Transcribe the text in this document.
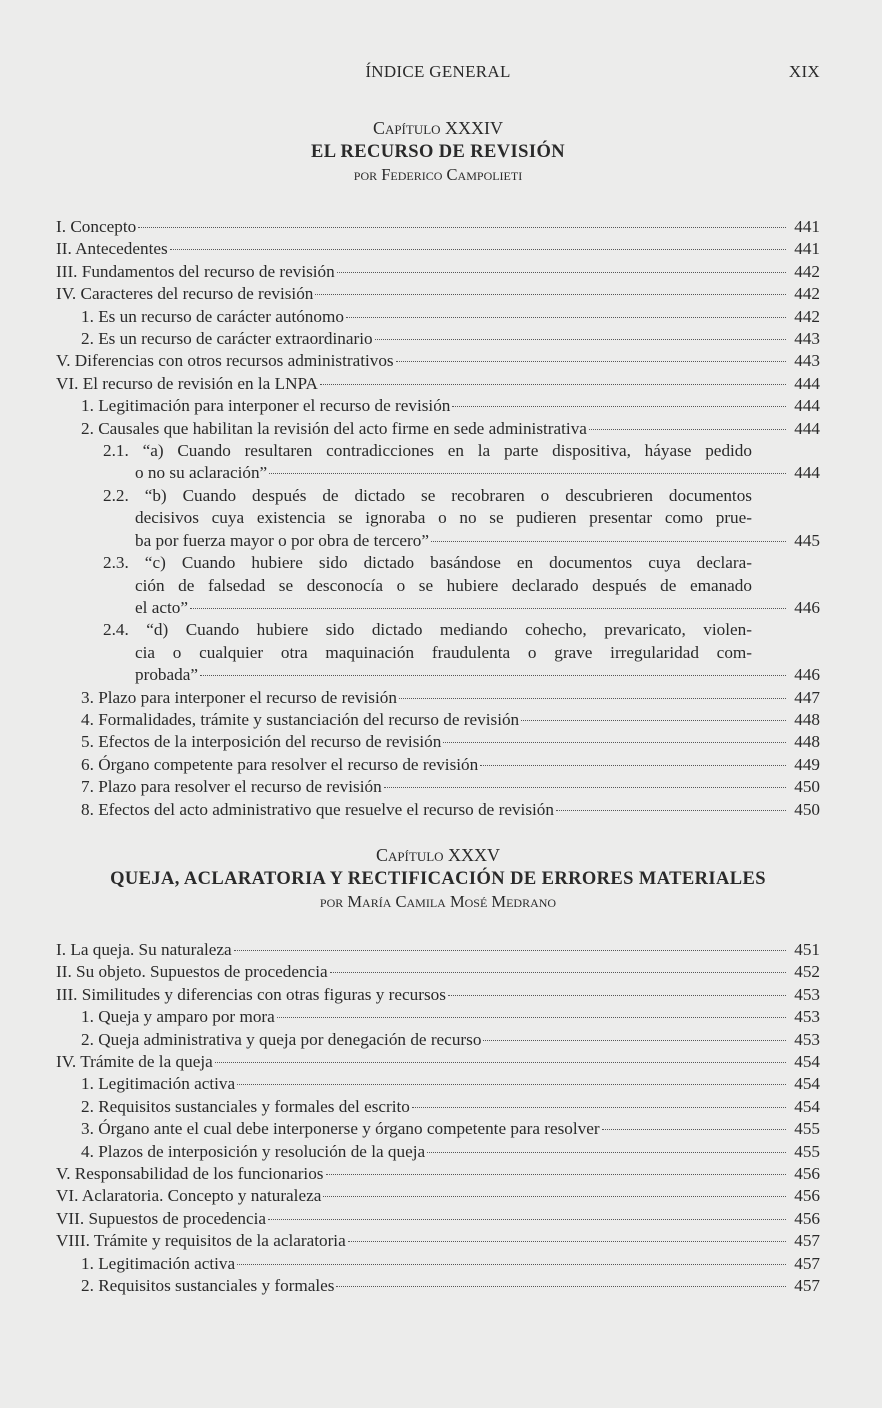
ÍNDICE GENERAL	XIX
Capítulo XXXIV
EL RECURSO DE REVISIÓN
por Federico Campolieti
I. Concepto	441
II. Antecedentes	441
III. Fundamentos del recurso de revisión	442
IV. Caracteres del recurso de revisión	442
1. Es un recurso de carácter autónomo	442
2. Es un recurso de carácter extraordinario	443
V. Diferencias con otros recursos administrativos	443
VI. El recurso de revisión en la LNPA	444
1. Legitimación para interponer el recurso de revisión	444
2. Causales que habilitan la revisión del acto firme en sede administrativa	444
2.1. “a) Cuando resultaren contradicciones en la parte dispositiva, háyase pedido
o no su aclaración”	444
2.2. “b) Cuando después de dictado se recobraren o descubrieren documentos
decisivos cuya existencia se ignoraba o no se pudieren presentar como prue-
ba por fuerza mayor o por obra de tercero”	445
2.3. “c) Cuando hubiere sido dictado basándose en documentos cuya declara-
ción de falsedad se desconocía o se hubiere declarado después de emanado
el acto”	446
2.4. “d) Cuando hubiere sido dictado mediando cohecho, prevaricato, violen-
cia o cualquier otra maquinación fraudulenta o grave irregularidad com-
probada”	446
3. Plazo para interponer el recurso de revisión	447
4. Formalidades, trámite y sustanciación del recurso de revisión	448
5. Efectos de la interposición del recurso de revisión	448
6. Órgano competente para resolver el recurso de revisión	449
7. Plazo para resolver el recurso de revisión	450
8. Efectos del acto administrativo que resuelve el recurso de revisión	450
Capítulo XXXV
QUEJA, ACLARATORIA Y RECTIFICACIÓN DE ERRORES MATERIALES
por María Camila Mosé Medrano
I. La queja. Su naturaleza	451
II. Su objeto. Supuestos de procedencia	452
III. Similitudes y diferencias con otras figuras y recursos	453
1. Queja y amparo por mora	453
2. Queja administrativa y queja por denegación de recurso	453
IV. Trámite de la queja	454
1. Legitimación activa	454
2. Requisitos sustanciales y formales del escrito	454
3. Órgano ante el cual debe interponerse y órgano competente para resolver	455
4. Plazos de interposición y resolución de la queja	455
V. Responsabilidad de los funcionarios	456
VI. Aclaratoria. Concepto y naturaleza	456
VII. Supuestos de procedencia	456
VIII. Trámite y requisitos de la aclaratoria	457
1. Legitimación activa	457
2. Requisitos sustanciales y formales	457
